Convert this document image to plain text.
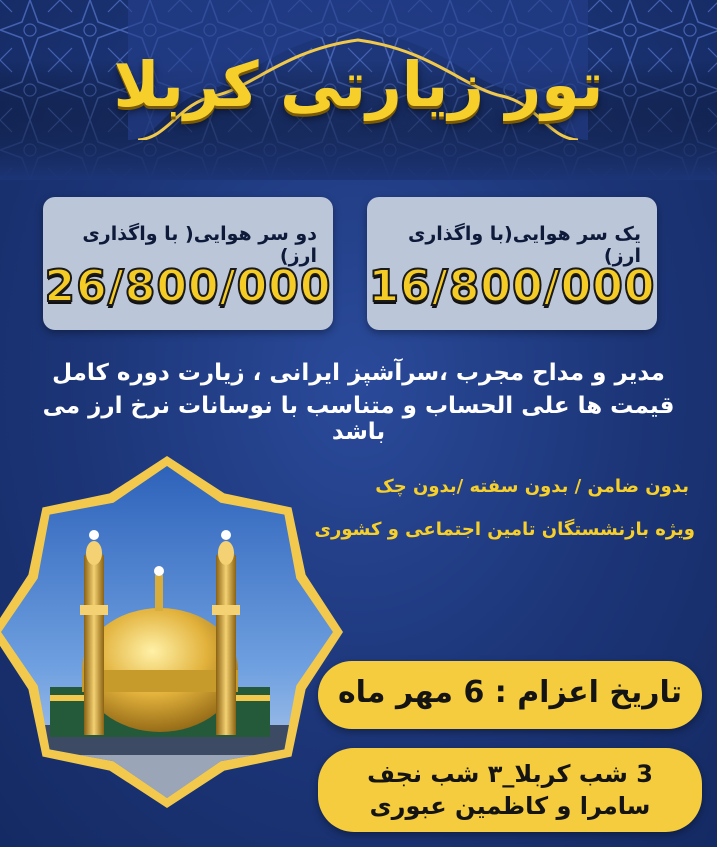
تور زیارتی کربلا
یک سر هوایی(با واگذاری ارز)
16/800/000
دو سر هوایی( با واگذاری ارز)
26/800/000
مدیر و مداح مجرب ،سرآشپز ایرانی ، زیارت دوره کامل
قیمت ها علی الحساب و متناسب با نوسانات نرخ ارز می باشد
بدون ضامن / بدون سفته /بدون چک
ویژه بازنشستگان تامین اجتماعی و کشوری
تاریخ اعزام : 6 مهر ماه
3 شب کربلا_٣ شب نجف
سامرا و کاظمین عبوری
